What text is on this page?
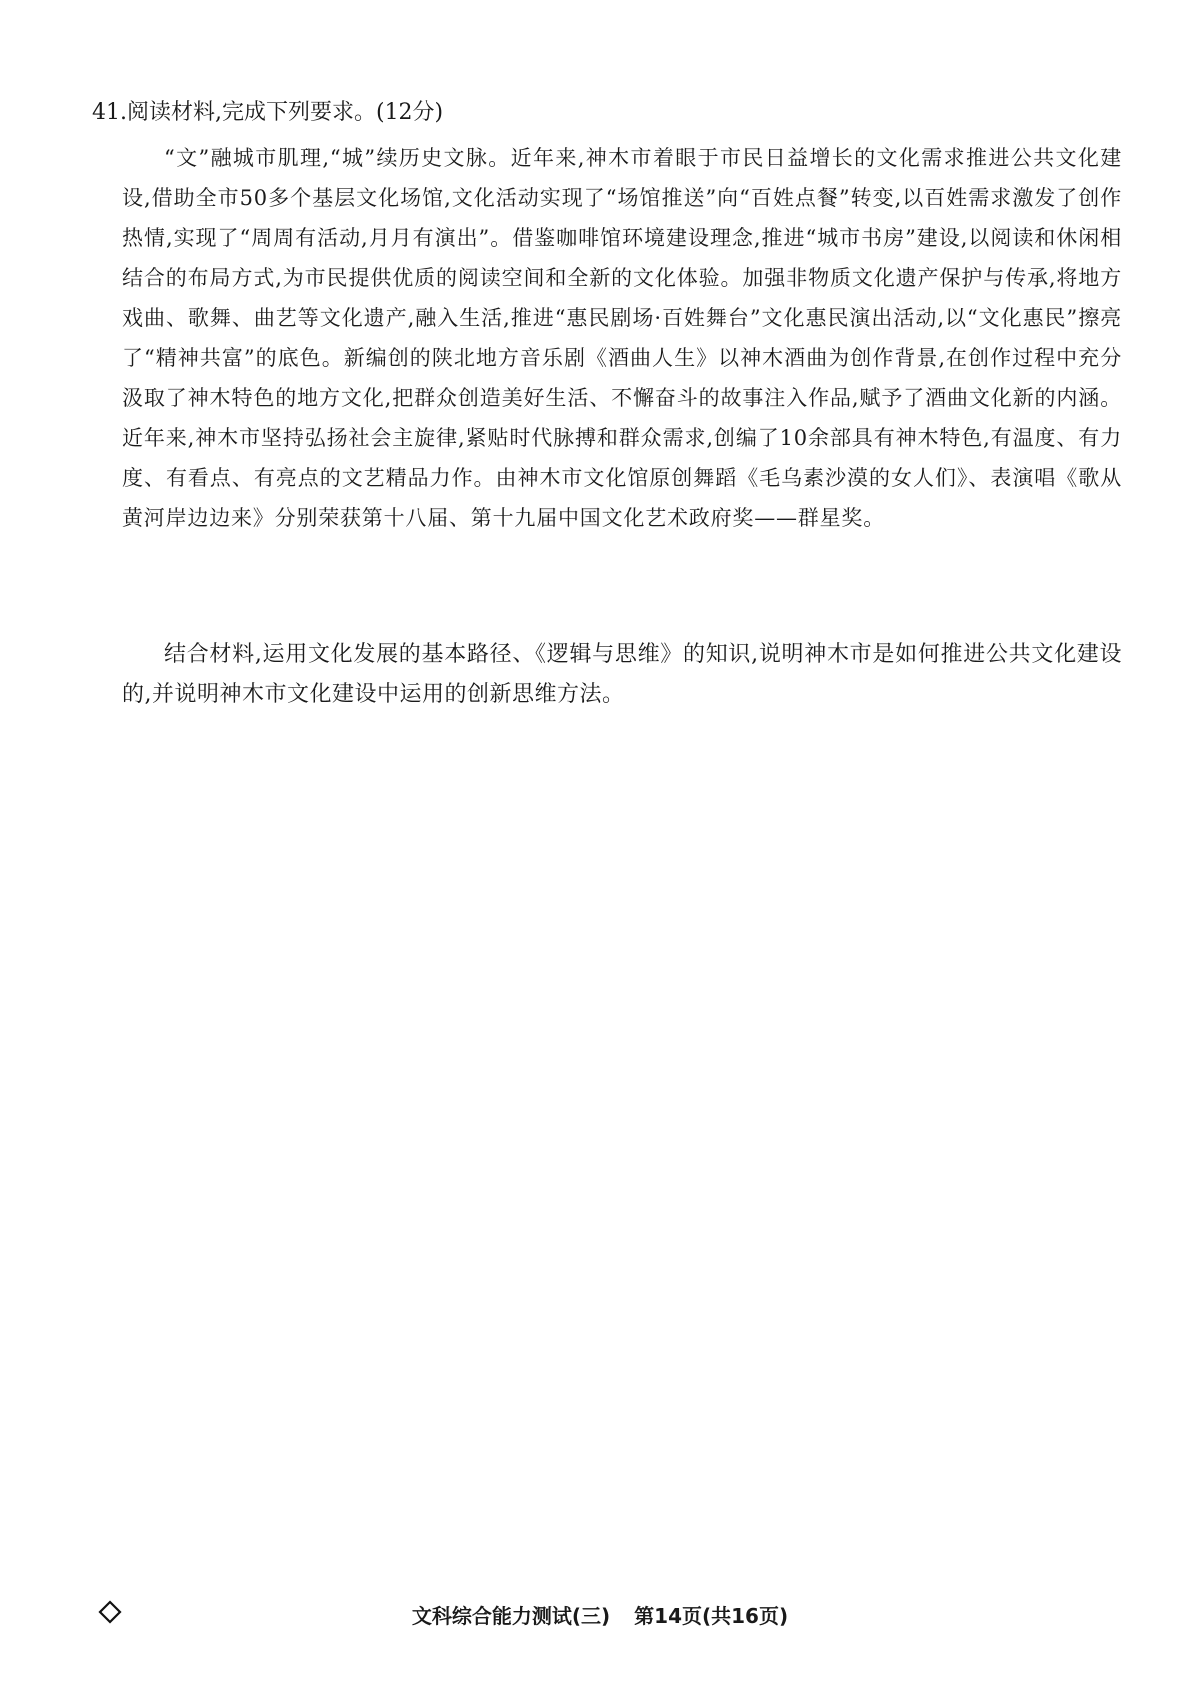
41.阅读材料,完成下列要求。(12分)

“文”融城市肌理,“城”续历史文脉。近年来,神木市着眼于市民日益增长的文化需求推进公共文化建设,借助全市50多个基层文化场馆,文化活动实现了“场馆推送”向“百姓点餐”转变,以百姓需求激发了创作热情,实现了“周周有活动,月月有演出”。借鉴咖啡馆环境建设理念,推进“城市书房”建设,以阅读和休闲相结合的布局方式,为市民提供优质的阅读空间和全新的文化体验。加强非物质文化遗产保护与传承,将地方戏曲、歌舞、曲艺等文化遗产,融入生活,推进“惠民剧场·百姓舞台”文化惠民演出活动,以“文化惠民”擦亮了“精神共富”的底色。新编创的陕北地方音乐剧《酒曲人生》以神木酒曲为创作背景,在创作过程中充分汲取了神木特色的地方文化,把群众创造美好生活、不懈奋斗的故事注入作品,赋予了酒曲文化新的内涵。近年来,神木市坚持弘扬社会主旋律,紧贴时代脉搏和群众需求,创编了10余部具有神木特色,有温度、有力度、有看点、有亮点的文艺精品力作。由神木市文化馆原创舞蹈《毛乌素沙漠的女人们》、表演唱《歌从黄河岸边边来》分别荣获第十八届、第十九届中国文化艺术政府奖——群星奖。

结合材料,运用文化发展的基本路径、《逻辑与思维》的知识,说明神木市是如何推进公共文化建设的,并说明神木市文化建设中运用的创新思维方法。

文科综合能力测试(三) 第14页(共16页)
